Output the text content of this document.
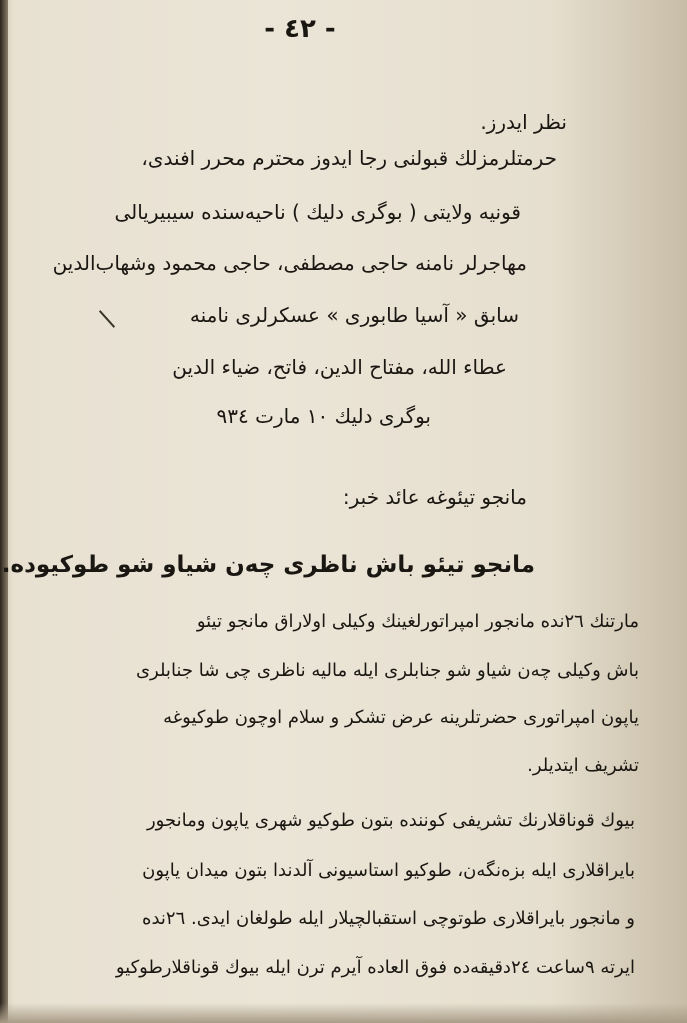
- ٤٢ -
نظر ایدرز.
حرمتلرمزلك قبولنی رجا ایدوز محترم محرر افندی،
قونیه ولایتی ( بوگری دلیك ) ناحیه‌سنده سیبیریالی
مهاجرلر نامنه حاجی مصطفی، حاجی محمود وشهاب‌الدین
سابق « آسیا طابوری » عسکرلری نامنه
عطاء الله، مفتاح الدین، فاتح، ضیاء الدین
بوگری دلیك ۱۰ مارت ۹۳٤
مانجو تیئوغه عائد خبر:
مانجو تیئو باش ناظری چه‌ن شیاو شو طوکیوده.
مارتنك ۲٦نده مانجور امپراتورلغینك وکیلی اولاراق مانجو تیئو
باش وکیلی چه‌ن شیاو شو جنابلری ایله مالیه ناظری چی شا جنابلری
یاپون امپراتوری حضرتلرینه عرض تشکر و سلام اوچون طوکیوغه
تشریف ایتدیلر.
بیوك قوناقلارنك تشریفی کوننده بتون طوکیو شهری یاپون ومانجور
بایراقلاری ایله بزه‌نگه‌ن، طوکیو استاسیونی آلدندا بتون میدان یاپون
و مانجور بایراقلاری طوتوچی استقبالچیلار ایله طولغان ایدی. ۲٦نده
ایرته ۹ساعت ۲٤دقیقه‌ده فوق العاده آیرم ترن ایله بیوك قوناقلارطوکیو
